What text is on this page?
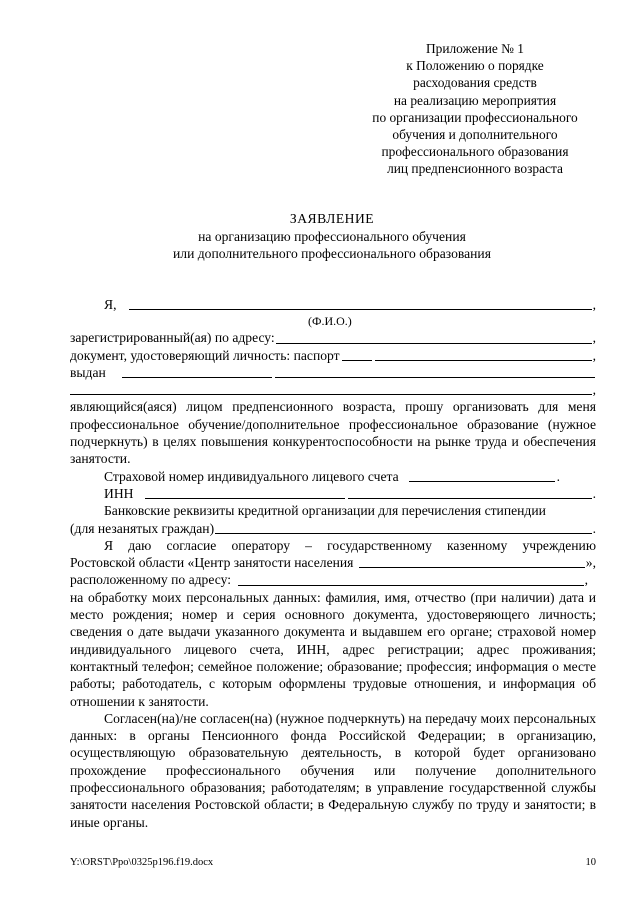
Приложение № 1
к Положению о порядке
расходования средств
на реализацию мероприятия
по организации профессионального
обучения и дополнительного
профессионального образования
лиц предпенсионного возраста
ЗАЯВЛЕНИЕ
на организацию профессионального обучения
или дополнительного профессионального образования
Я,	,
(Ф.И.О.)
зарегистрированный(ая) по адресу:	,
документ, удостоверяющий личность: паспорт	,
выдан
,
являющийся(аяся) лицом предпенсионного возраста, прошу организовать для меня профессиональное обучение/дополнительное профессиональное образование (нужное подчеркнуть) в целях повышения конкурентоспособности на рынке труда и обеспечения занятости.
Страховой номер индивидуального лицевого счета	.
ИНН	.
Банковские реквизиты кредитной организации для перечисления стипендии
(для незанятых граждан)	.
Я даю согласие оператору – государственному казенному учреждению
Ростовской области «Центр занятости населения	»,
расположенному по адресу:	,
на обработку моих персональных данных: фамилия, имя, отчество (при наличии) дата и место рождения; номер и серия основного документа, удостоверяющего личность; сведения о дате выдачи указанного документа и выдавшем его органе; страховой номер индивидуального лицевого счета, ИНН, адрес регистрации; адрес проживания; контактный телефон; семейное положение; образование; профессия; информация о месте работы; работодатель, с которым оформлены трудовые отношения, и информация об отношении к занятости.
Согласен(на)/не согласен(на) (нужное подчеркнуть) на передачу моих персональных данных: в органы Пенсионного фонда Российской Федерации; в организацию, осуществляющую образовательную деятельность, в которой будет организовано прохождение профессионального обучения или получение дополнительного профессионального образования; работодателям; в управление государственной службы занятости населения Ростовской области; в Федеральную службу по труду и занятости; в иные органы.
Y:\ORST\Ppo\0325p196.f19.docx	10
